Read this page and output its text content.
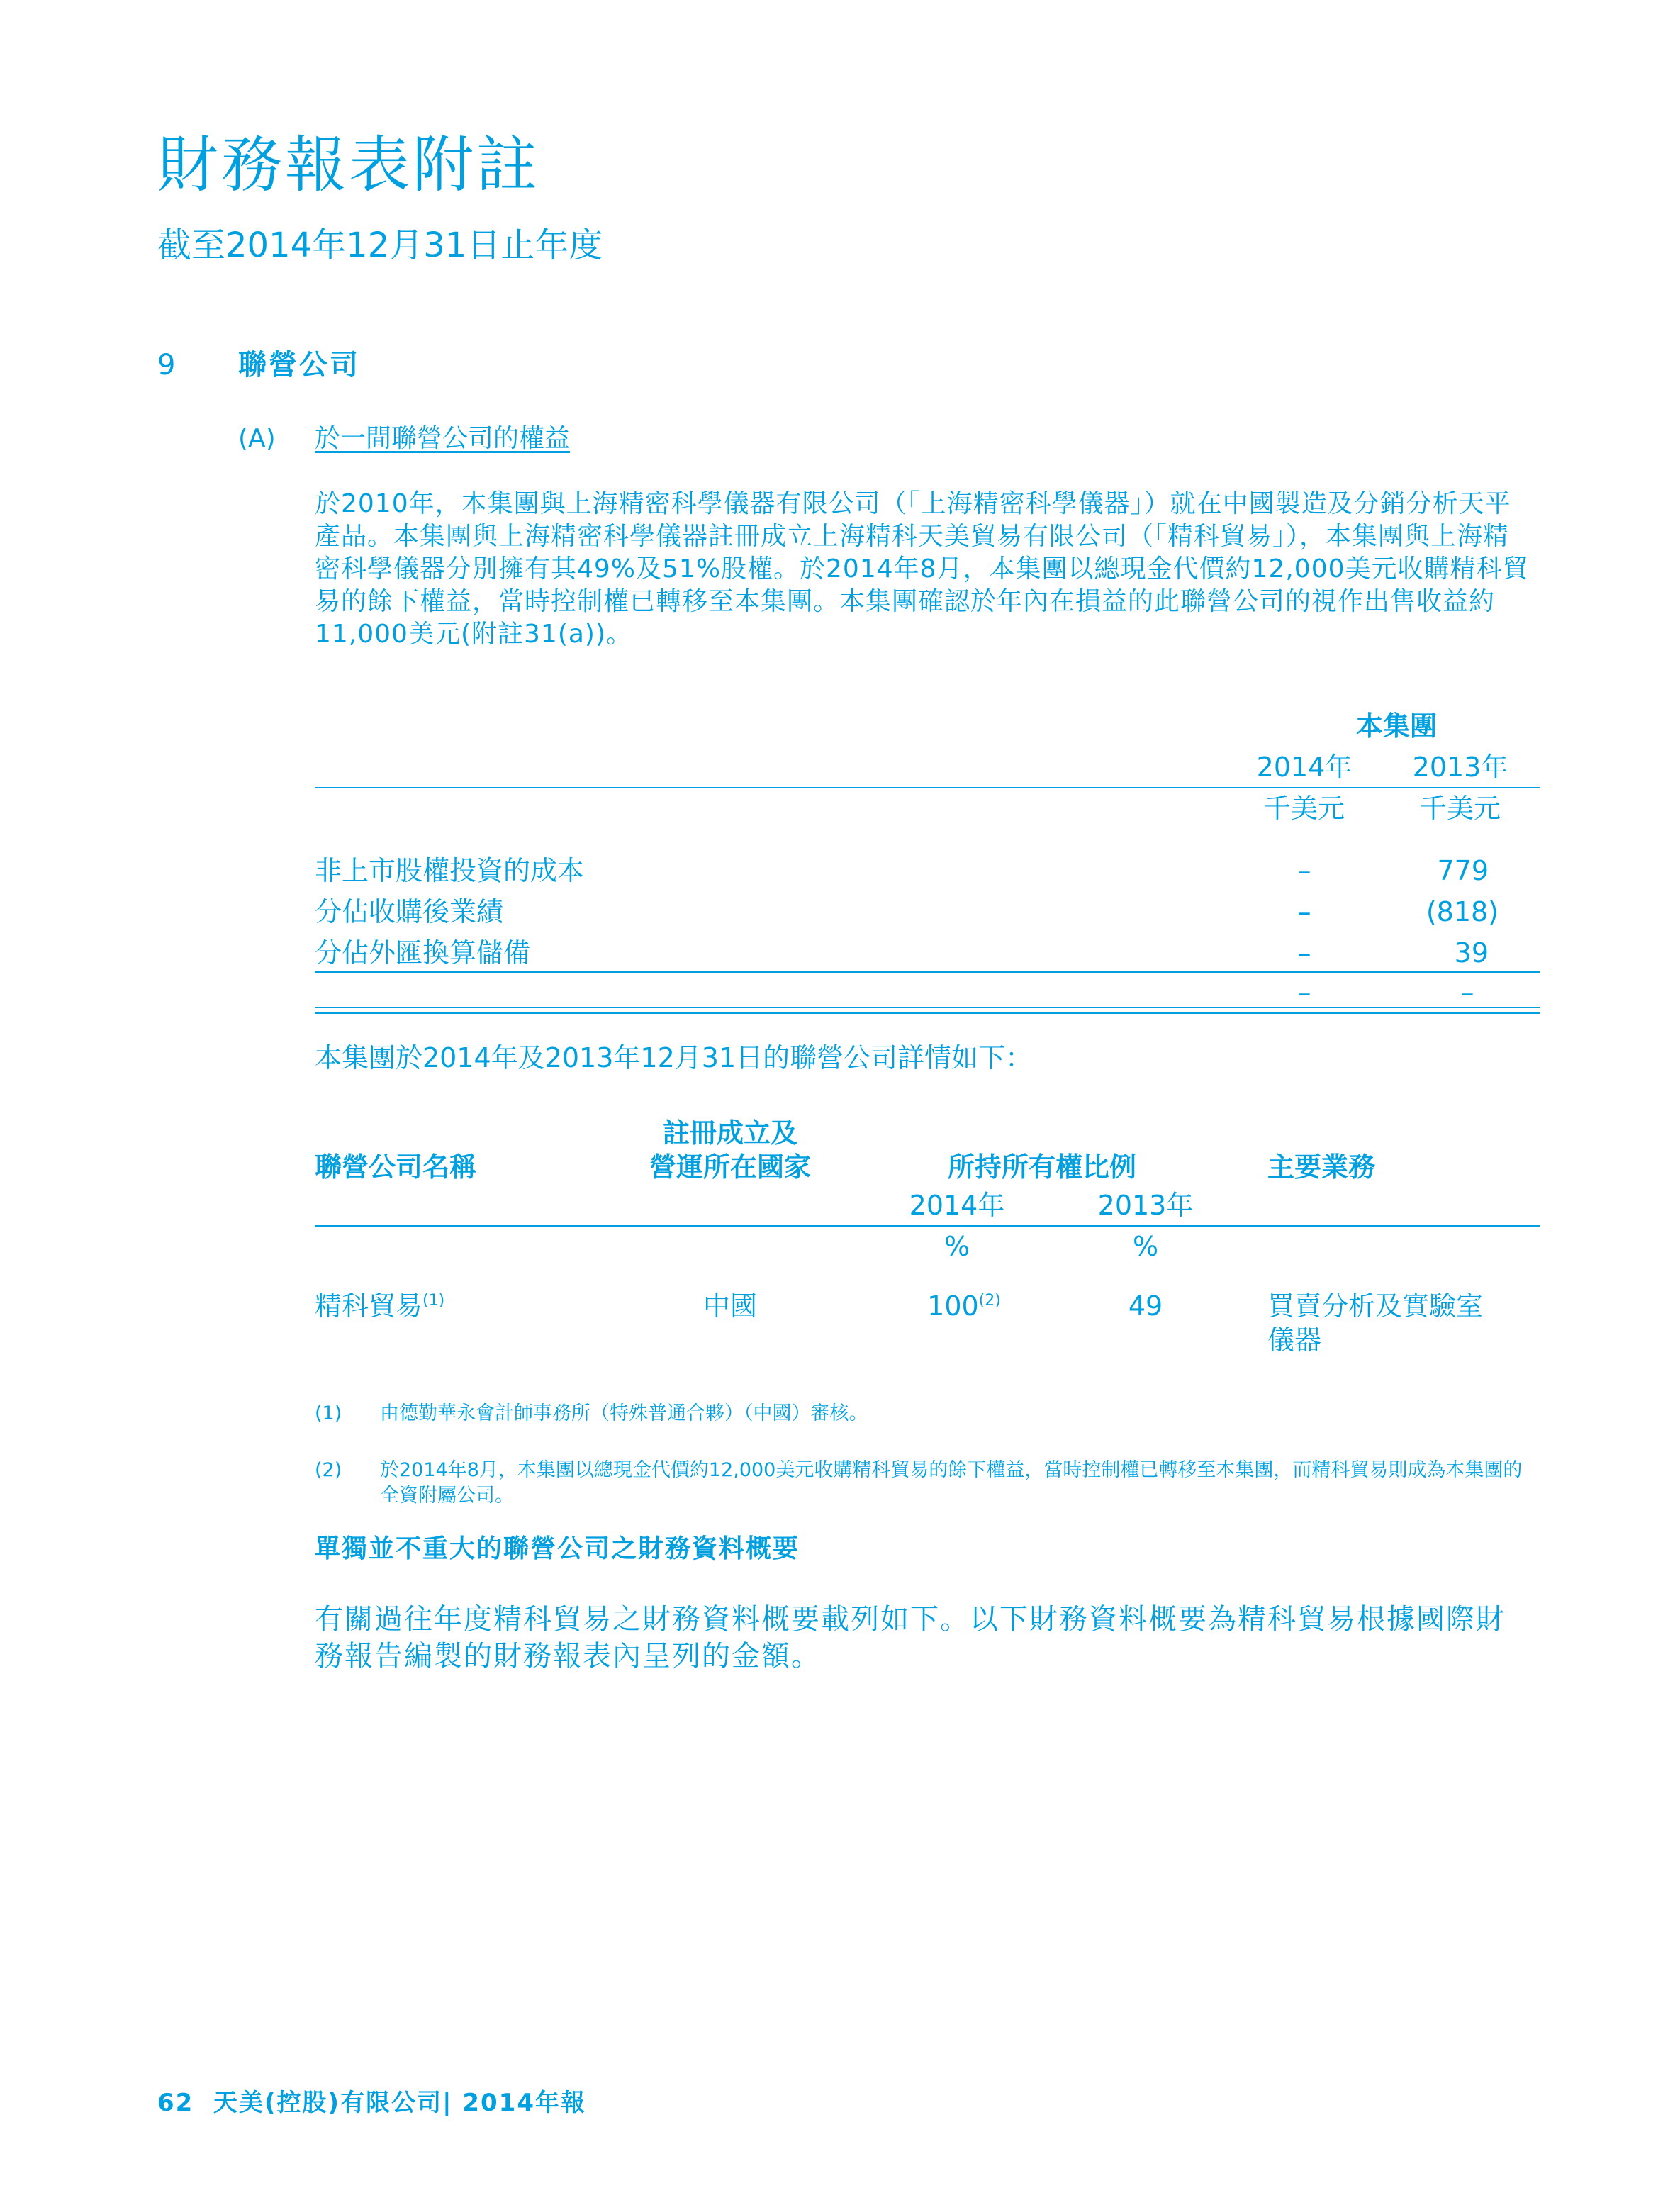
財務報表附註
截至2014年12月31日止年度
9 聯營公司
(A) 於一間聯營公司的權益
於2010年，本集團與上海精密科學儀器有限公司（「上海精密科學儀器」）就在中國製造及分銷分析天平產品。本集團與上海精密科學儀器註冊成立上海精科天美貿易有限公司（「精科貿易」），本集團與上海精密科學儀器分別擁有其49%及51%股權。於2014年8月，本集團以總現金代價約12,000美元收購精科貿易的餘下權益，當時控制權已轉移至本集團。本集團確認於年內在損益的此聯營公司的視作出售收益約11,000美元(附註31(a))。
本集團
2014年	2013年
千美元	千美元
非上市股權投資的成本	–	779
分佔收購後業績	–	(818)
分佔外匯換算儲備	–	39
–	–
本集團於2014年及2013年12月31日的聯營公司詳情如下：
聯營公司名稱
註冊成立及
營運所在國家	所持所有權比例	主要業務
2014年	2013年
%	%
精科貿易$^{(1)}$	中國	100$^{(2)}$	49	買賣分析及實驗室
儀器
(1) 由德勤華永會計師事務所（特殊普通合夥）（中國）審核。
(2) 於2014年8月，本集團以總現金代價約12,000美元收購精科貿易的餘下權益，當時控制權已轉移至本集團，而精科貿易則成為本集團的全資附屬公司。
單獨並不重大的聯營公司之財務資料概要
有關過往年度精科貿易之財務資料概要載列如下。以下財務資料概要為精科貿易根據國際財務報告編製的財務報表內呈列的金額。
62 天美(控股)有限公司| 2014年報
